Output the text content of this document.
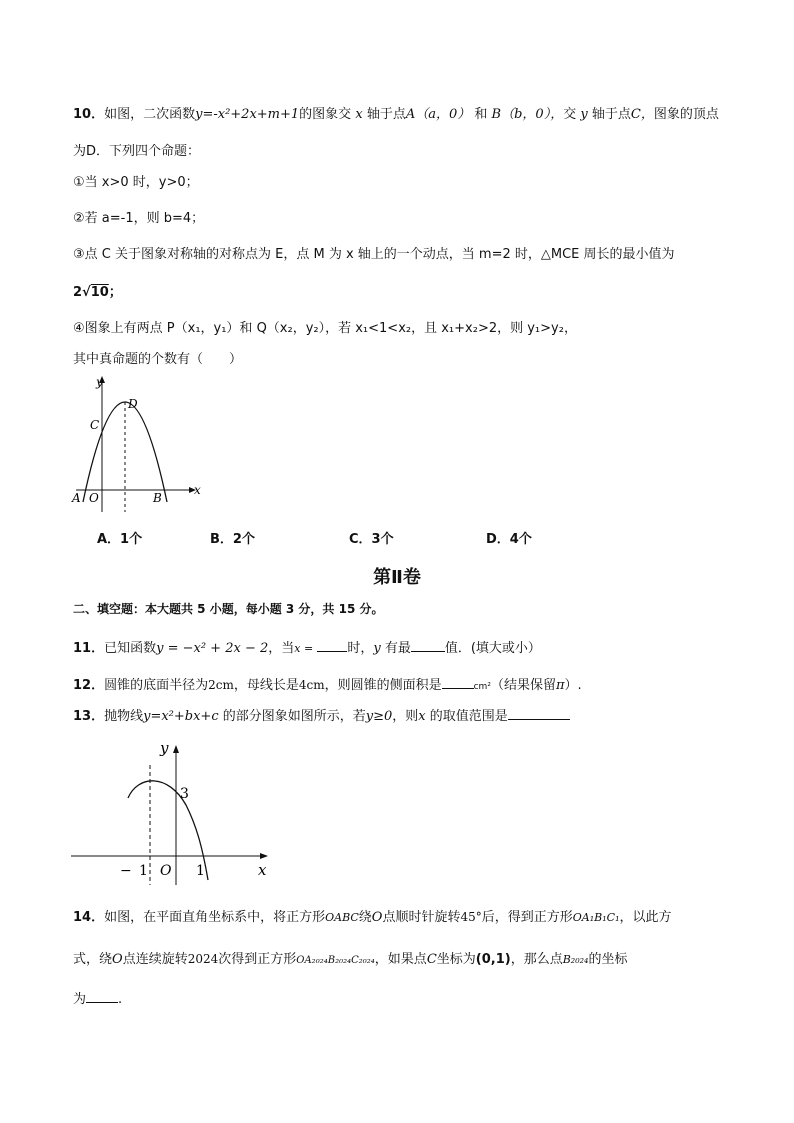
10．如图，二次函数y=-x²+2x+m+1的图象交 x 轴于点A（a，0） 和 B（b，0），交 y 轴于点C，图象的顶点
为D．下列四个命题：
①当 x>0 时，y>0；
②若 a=-1，则 b=4；
③点 C 关于图象对称轴的对称点为 E，点 M 为 x 轴上的一个动点，当 m=2 时，△MCE 周长的最小值为
2√10；
④图象上有两点 P（x₁，y₁）和 Q（x₂，y₂），若 x₁<1<x₂，且 x₁+x₂>2，则 y₁>y₂，
其中真命题的个数有（　　）
y
x
A O	B
C
D
A．1个	B．2个	C．3个	D．4个
第Ⅱ卷
二、填空题：本大题共 5 小题，每小题 3 分，共 15 分。
11．已知函数y = −x² + 2x − 2，当x =	时，y 有最	值．(填大或小）
12．圆锥的底面半径为2cm，母线长是4cm，则圆锥的侧面积是	cm²（结果保留π）.
13．抛物线y=x²+bx+c 的部分图象如图所示，若y≥0，则x 的取值范围是
y
x
3
− 1 O 1
14．如图，在平面直角坐标系中，将正方形OABC绕O点顺时针旋转45°后，得到正方形OA₁B₁C₁，以此方
式，绕O点连续旋转2024次得到正方形OA₂₀₂₄B₂₀₂₄C₂₀₂₄，如果点C坐标为(0,1)，那么点B₂₀₂₄的坐标
为 .
